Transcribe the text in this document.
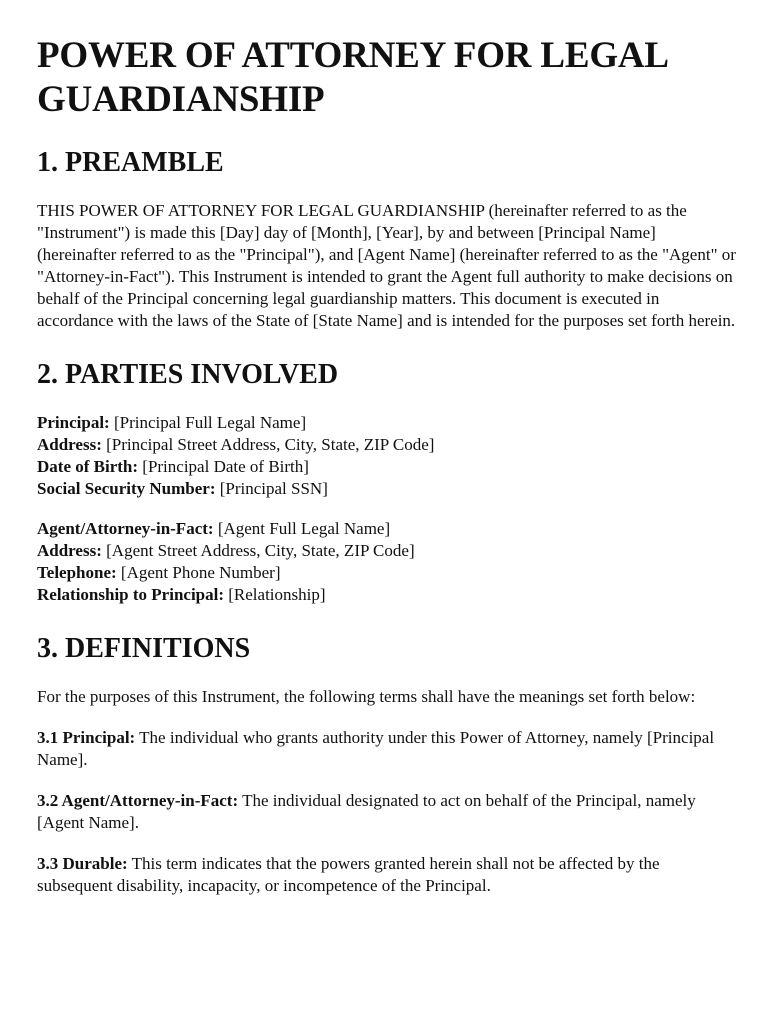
POWER OF ATTORNEY FOR LEGAL GUARDIANSHIP
1. PREAMBLE

THIS POWER OF ATTORNEY FOR LEGAL GUARDIANSHIP (hereinafter referred to as the "Instrument") is made this [Day] day of [Month], [Year], by and between [Principal Name] (hereinafter referred to as the "Principal"), and [Agent Name] (hereinafter referred to as the "Agent" or "Attorney-in-Fact"). This Instrument is intended to grant the Agent full authority to make decisions on behalf of the Principal concerning legal guardianship matters. This document is executed in accordance with the laws of the State of [State Name] and is intended for the purposes set forth herein.

2. PARTIES INVOLVED

Principal: [Principal Full Legal Name]

Address: [Principal Street Address, City, State, ZIP Code]

Date of Birth: [Principal Date of Birth]

Social Security Number: [Principal SSN]

Agent/Attorney-in-Fact: [Agent Full Legal Name]

Address: [Agent Street Address, City, State, ZIP Code]

Telephone: [Agent Phone Number]

Relationship to Principal: [Relationship]

3. DEFINITIONS

For the purposes of this Instrument, the following terms shall have the meanings set forth below:

3.1 Principal: The individual who grants authority under this Power of Attorney, namely [Principal Name].

3.2 Agent/Attorney-in-Fact: The individual designated to act on behalf of the Principal, namely [Agent Name].

3.3 Durable: This term indicates that the powers granted herein shall not be affected by the subsequent disability, incapacity, or incompetence of the Principal.
